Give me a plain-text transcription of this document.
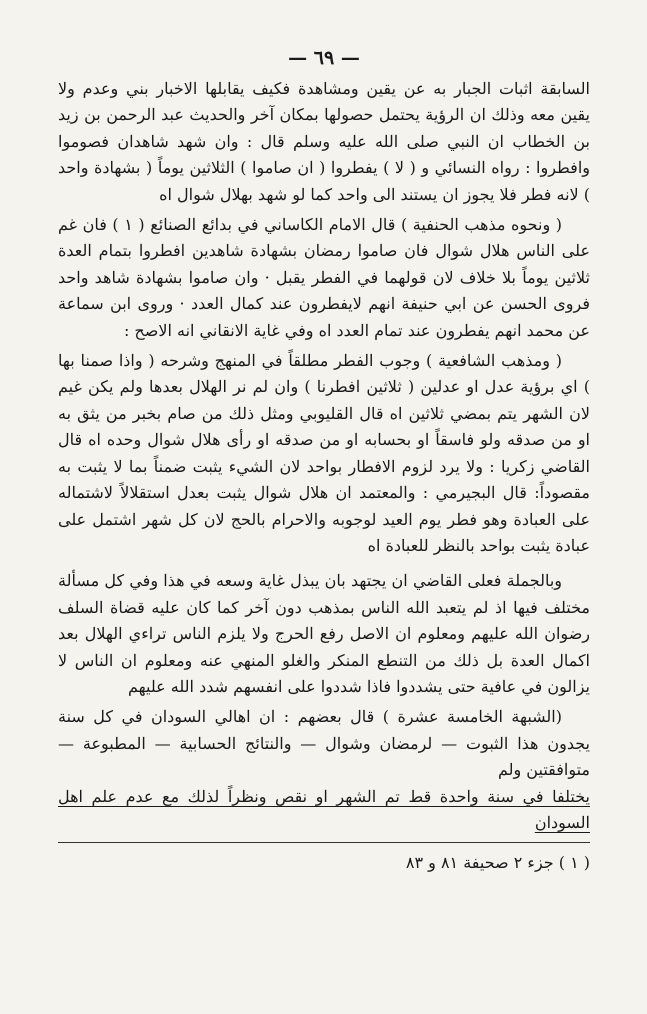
— ٦٩ —

السابقة اثبات الجبار به عن يقين ومشاهدة فكيف يقابلها الاخبار بني وعدم ولا يقين معه وذلك ان الرؤية يحتمل حصولها بمكان آخر والحديث عبد الرحمن بن زيد بن الخطاب ان النبي صلى الله عليه وسلم قال : وان شهد شاهدان فصوموا وافطروا : رواه النسائي و ( لا ) يفطروا ( ان صاموا ) الثلاثين يوماً ( بشهادة واحد ) لانه فطر فلا يجوز ان يستند الى واحد كما لو شهد بهلال شوال اه

( ونحوه مذهب الحنفية ) قال الامام الكاساني في بدائع الصنائع ( ١ ) فان غم على الناس هلال شوال فان صاموا رمضان بشهادة شاهدين افطروا بتمام العدة ثلاثين يوماً بلا خلاف لان قولهما في الفطر يقبل · وان صاموا بشهادة شاهد واحد فروى الحسن عن ابي حنيفة انهم لايفطرون عند كمال العدد · وروى ابن سماعة عن محمد انهم يفطرون عند تمام العدد اه وفي غاية الانقاني انه الاصح :

( ومذهب الشافعية ) وجوب الفطر مطلقاً في المنهج وشرحه ( واذا صمنا بها ) اي برؤية عدل او عدلين ( ثلاثين افطرنا ) وان لم نر الهلال بعدها ولم يكن غيم لان الشهر يتم بمضي ثلاثين اه قال القليوبي ومثل ذلك من صام بخبر من يثق به او من صدقه ولو فاسقاً او بحسابه او من صدقه او رأى هلال شوال وحده اه قال القاضي زكريا : ولا يرد لزوم الافطار بواحد لان الشيء يثبت ضمناً بما لا يثبت به مقصوداً: قال البجيرمي : والمعتمد ان هلال شوال يثبت بعدل استقلالاً لاشتماله على العبادة وهو فطر يوم العيد لوجوبه والاحرام بالحج لان كل شهر اشتمل على عبادة يثبت بواحد بالنظر للعبادة اه

وبالجملة فعلى القاضي ان يجتهد بان يبذل غاية وسعه في هذا وفي كل مسألة مختلف فيها اذ لم يتعبد الله الناس بمذهب دون آخر كما كان عليه قضاة السلف رضوان الله عليهم ومعلوم ان الاصل رفع الحرج ولا يلزم الناس تراءي الهلال بعد اكمال العدة بل ذلك من التنطع المنكر والغلو المنهي عنه ومعلوم ان الناس لا يزالون في عافية حتى يشددوا فاذا شددوا على انفسهم شدد الله عليهم

(الشبهة الخامسة عشرة ) قال بعضهم : ان اهالي السودان في كل سنة يجدون هذا الثبوت — لرمضان وشوال — والنتائج الحسابية — المطبوعة — متوافقتين ولم

يختلفا في سنة واحدة قط تم الشهر او نقص ونظراً لذلك مع عدم علم اهل السودان

( ١ ) جزء ٢ صحيفة ٨١ و ٨٣
